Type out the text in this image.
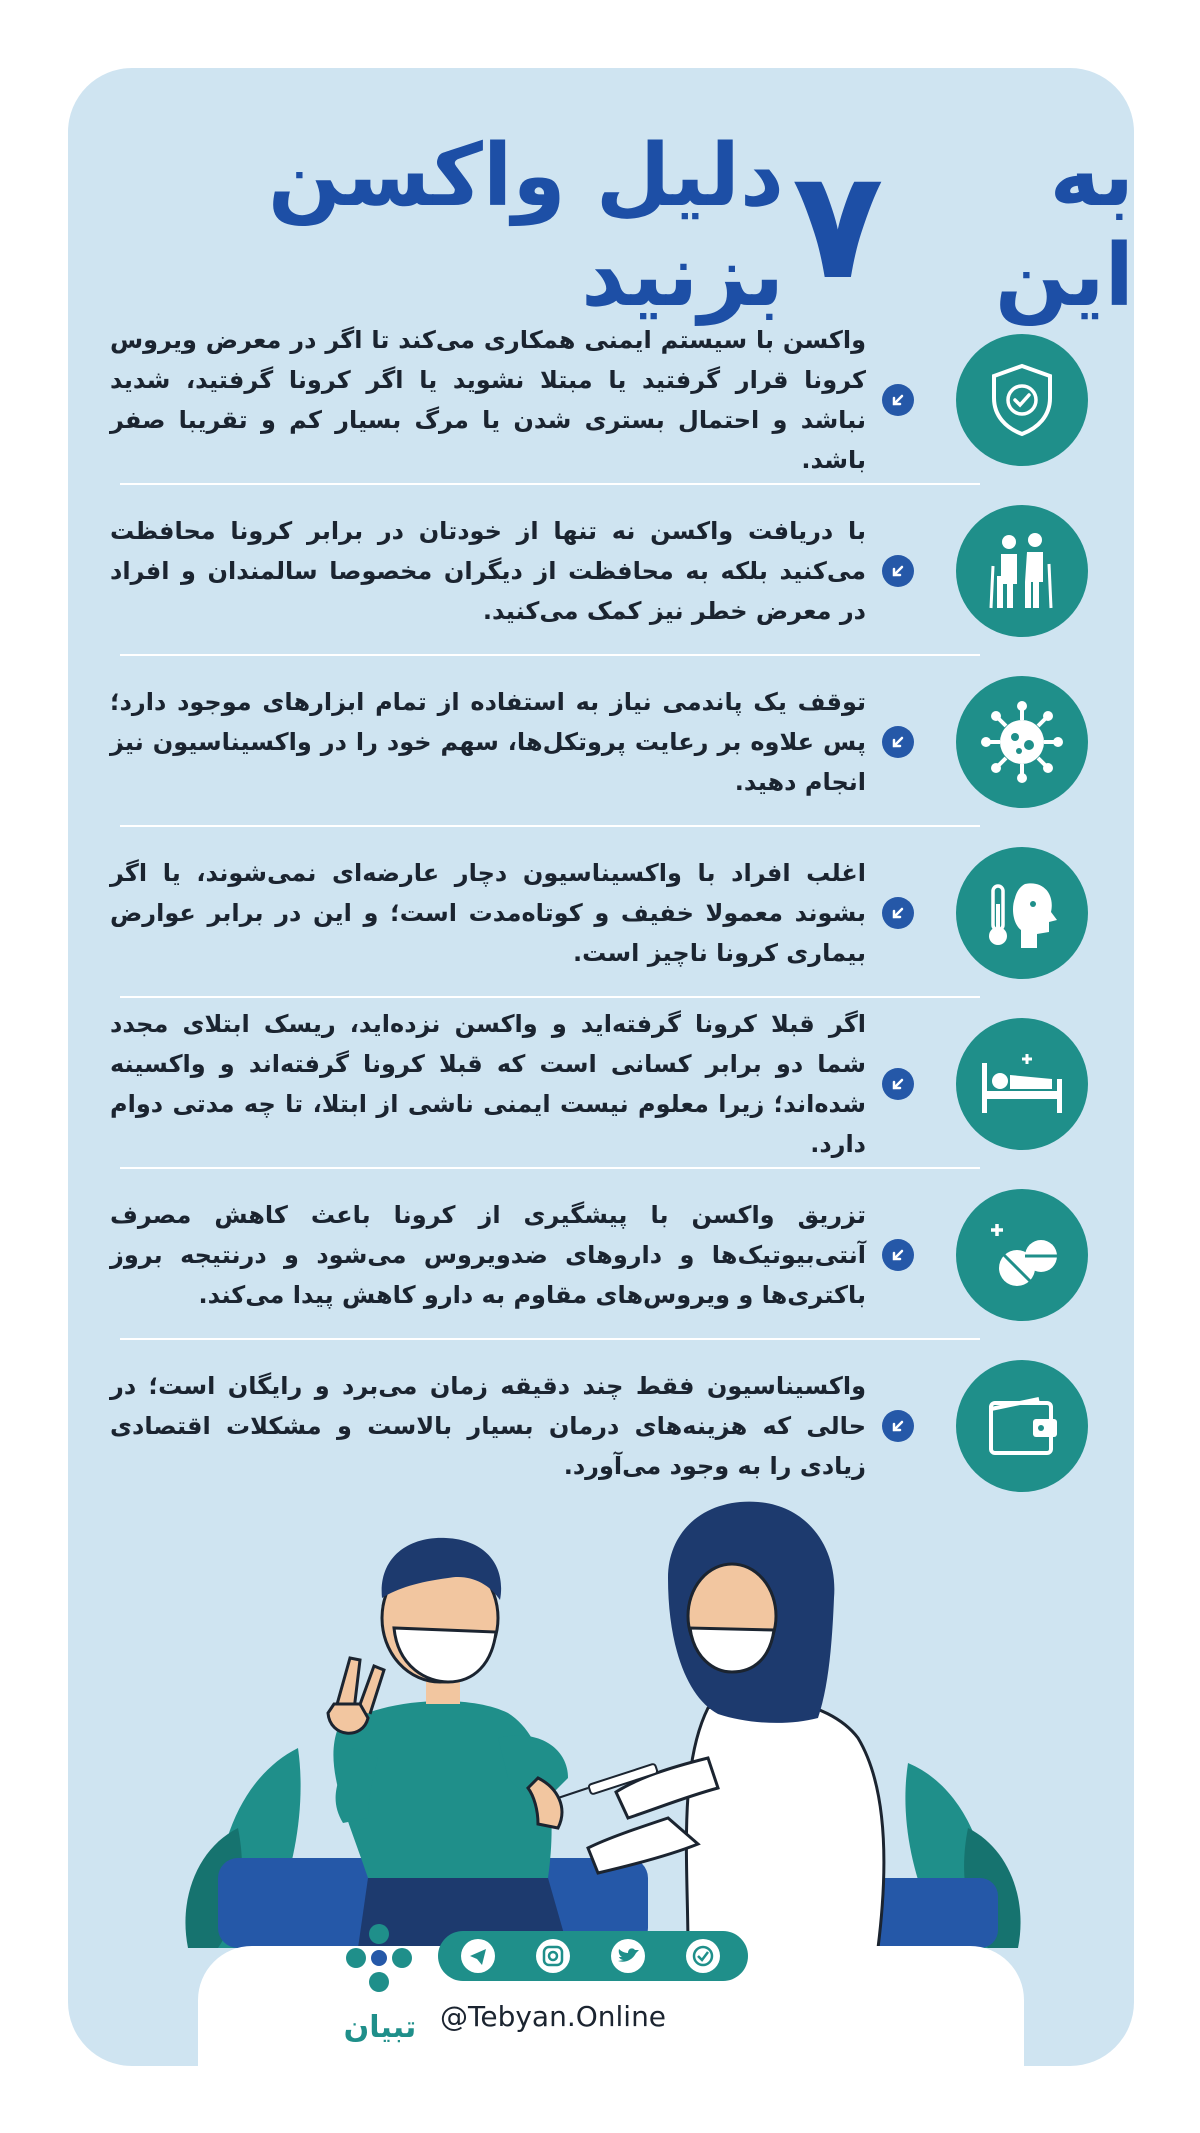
به این
۷
دلیل واکسن بزنید
واکسن با سیستم ایمنی همکاری می‌کند تا اگر در معرض ویروس کرونا قرار گرفتید یا مبتلا نشوید یا اگر کرونا گرفتید، شدید نباشد و احتمال بستری شدن یا مرگ بسیار کم و تقریبا صفر باشد.
با دریافت واکسن نه تنها از خودتان در برابر کرونا محافظت می‌کنید بلکه به محافظت از دیگران مخصوصا سالمندان و افراد در معرض خطر نیز کمک می‌کنید.
توقف یک پاندمی نیاز به استفاده از تمام ابزارهای موجود دارد؛ پس علاوه بر رعایت پروتکل‌ها، سهم خود را در واکسیناسیون نیز انجام دهید.
اغلب افراد با واکسیناسیون دچار عارضه‌ای نمی‌شوند، یا اگر بشوند معمولا خفیف و کوتاه‌مدت است؛ و این در برابر عوارض بیماری کرونا ناچیز است.
اگر قبلا کرونا گرفته‌اید و واکسن نزده‌اید، ریسک ابتلای مجدد شما دو برابر کسانی است که قبلا کرونا گرفته‌اند و واکسینه شده‌اند؛ زیرا معلوم نیست ایمنی ناشی از ابتلا، تا چه مدتی دوام دارد.
تزریق واکسن با پیشگیری از کرونا باعث کاهش مصرف آنتی‌بیوتیک‌ها و داروهای ضدویروس می‌شود و درنتیجه بروز باکتری‌ها و ویروس‌های مقاوم به دارو کاهش پیدا می‌کند.
واکسیناسیون فقط چند دقیقه زمان می‌برد و رایگان است؛ در حالی که هزینه‌های درمان بسیار بالاست و مشکلات اقتصادی زیادی را به وجود می‌آورد.
تبیان @Tebyan.Online
